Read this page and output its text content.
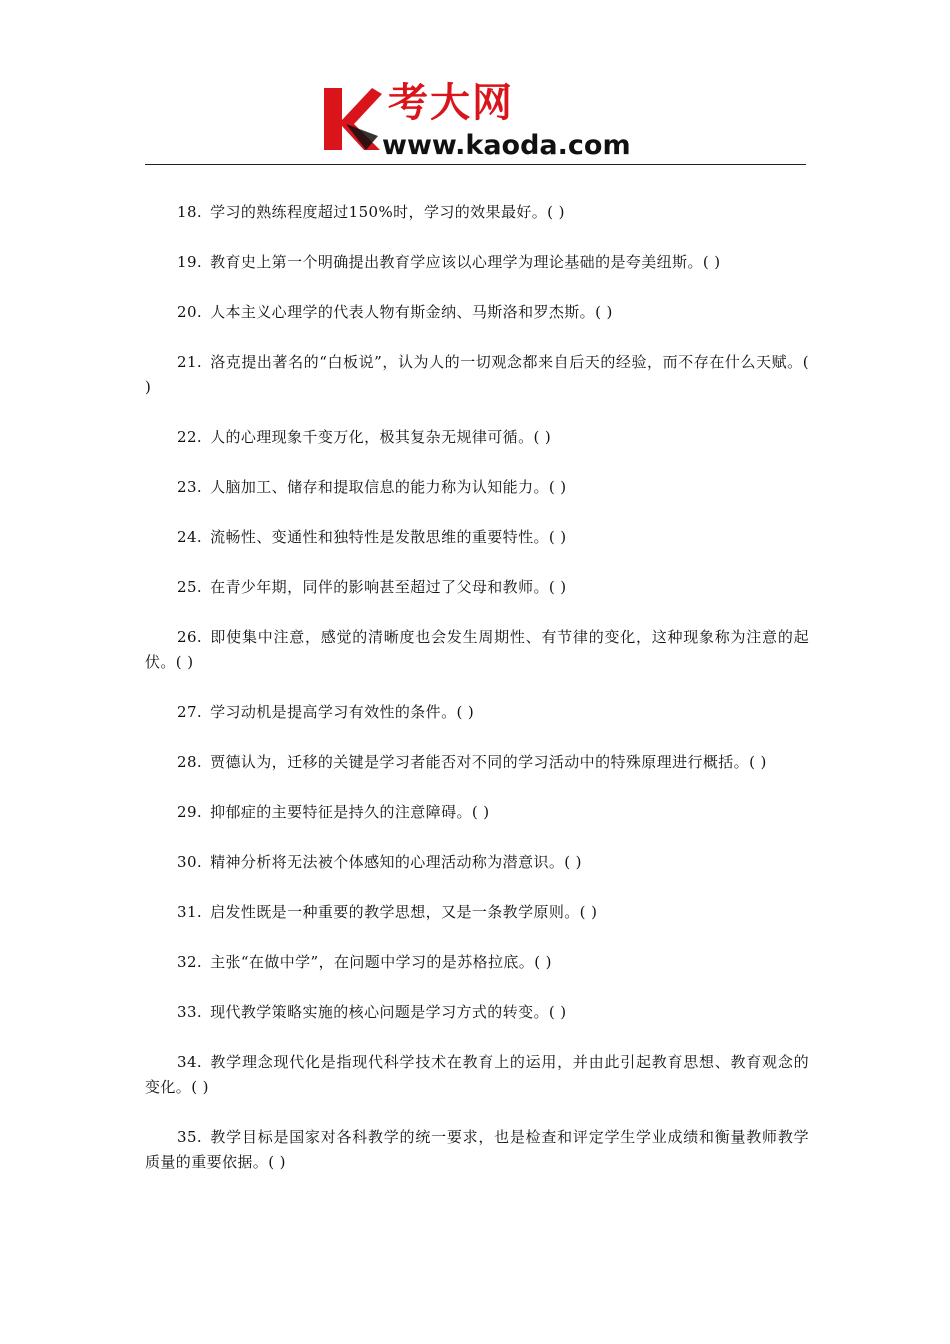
考大网
www.kaoda.com

18. 学习的熟练程度超过150%时，学习的效果最好。( )

19. 教育史上第一个明确提出教育学应该以心理学为理论基础的是夸美纽斯。( )

20. 人本主义心理学的代表人物有斯金纳、马斯洛和罗杰斯。( )

21. 洛克提出著名的“白板说”，认为人的一切观念都来自后天的经验，而不存在什么天赋。( )

22. 人的心理现象千变万化，极其复杂无规律可循。( )

23. 人脑加工、储存和提取信息的能力称为认知能力。( )

24. 流畅性、变通性和独特性是发散思维的重要特性。( )

25. 在青少年期，同伴的影响甚至超过了父母和教师。( )

26. 即使集中注意，感觉的清晰度也会发生周期性、有节律的变化，这种现象称为注意的起伏。( )

27. 学习动机是提高学习有效性的条件。( )

28. 贾德认为，迁移的关键是学习者能否对不同的学习活动中的特殊原理进行概括。( )

29. 抑郁症的主要特征是持久的注意障碍。( )

30. 精神分析将无法被个体感知的心理活动称为潜意识。( )

31. 启发性既是一种重要的教学思想，又是一条教学原则。( )

32. 主张“在做中学”，在问题中学习的是苏格拉底。( )

33. 现代教学策略实施的核心问题是学习方式的转变。( )

34. 教学理念现代化是指现代科学技术在教育上的运用，并由此引起教育思想、教育观念的变化。( )

35. 教学目标是国家对各科教学的统一要求，也是检查和评定学生学业成绩和衡量教师教学质量的重要依据。( )
